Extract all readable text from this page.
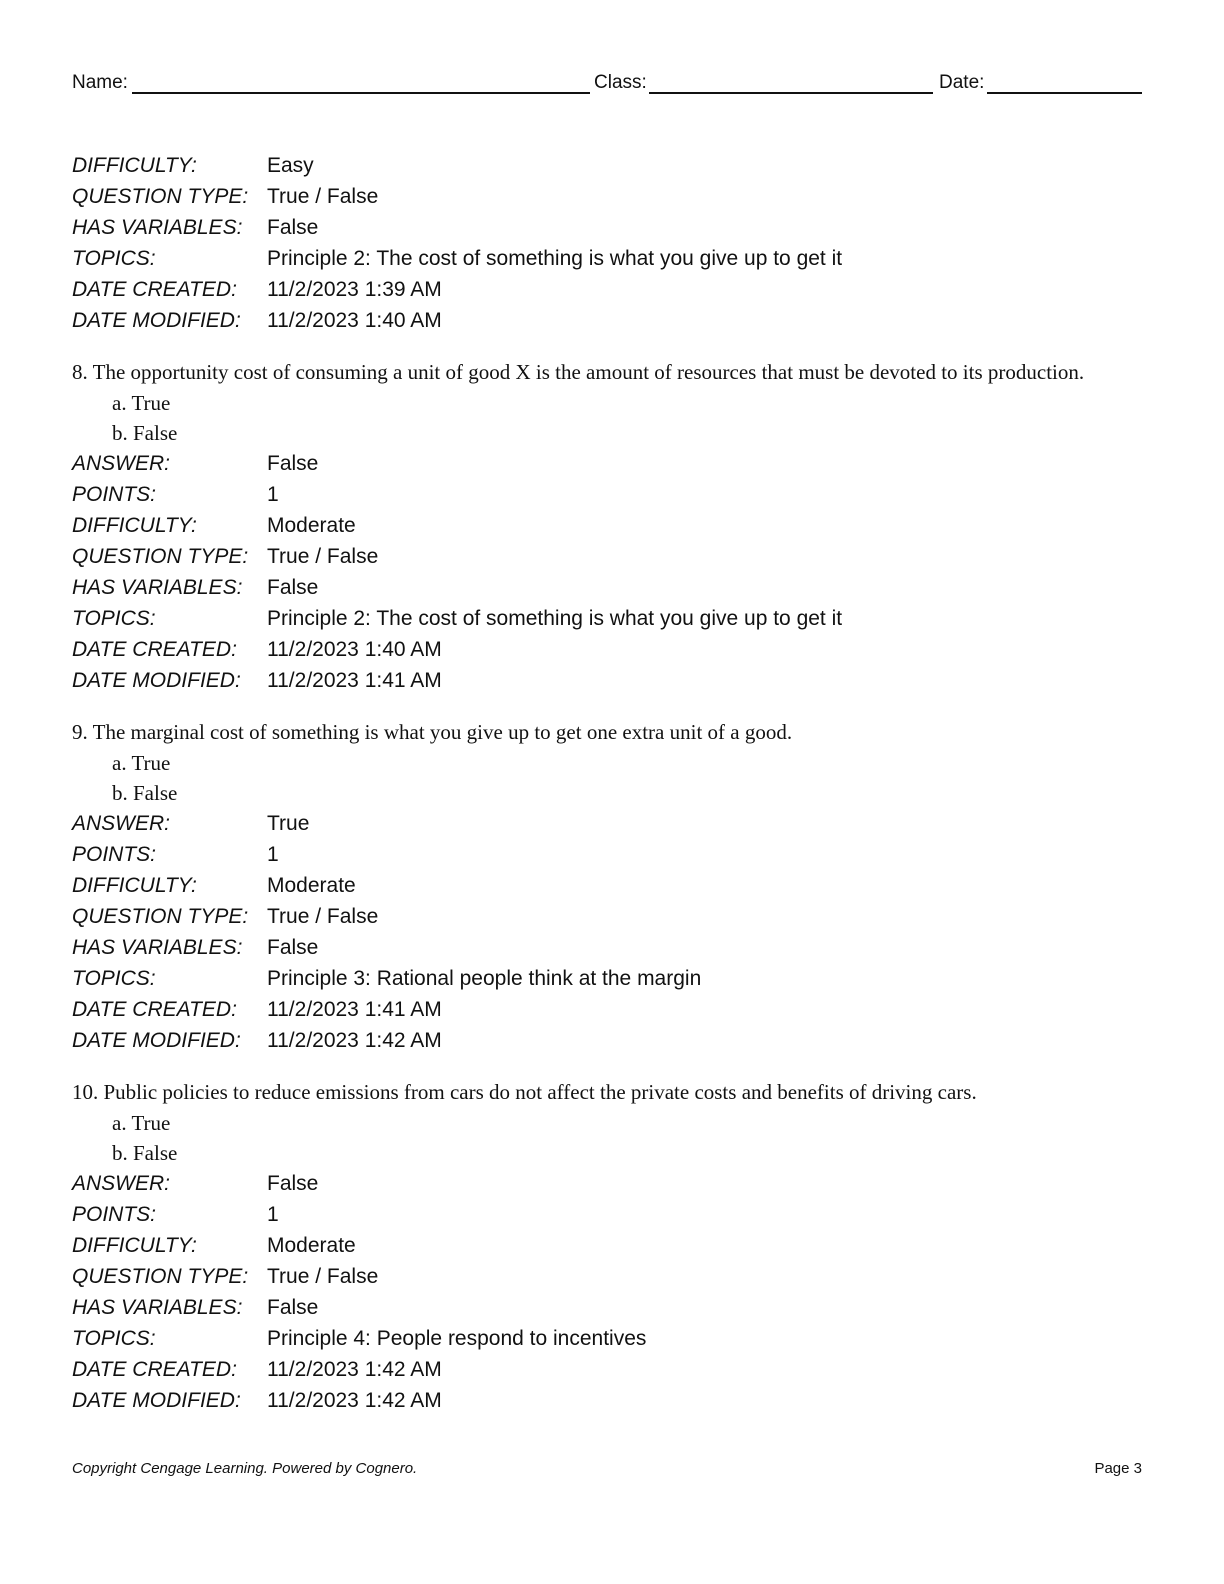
Name:	Class:	Date:
DIFFICULTY:	Easy
QUESTION TYPE: True / False
HAS VARIABLES: False
TOPICS:	Principle 2: The cost of something is what you give up to get it
DATE CREATED: 11/2/2023 1:39 AM
DATE MODIFIED: 11/2/2023 1:40 AM
8. The opportunity cost of consuming a unit of good X is the amount of resources that must be devoted to its production.
a. True
b. False
ANSWER:	False
POINTS:	1
DIFFICULTY:	Moderate
QUESTION TYPE: True / False
HAS VARIABLES: False
TOPICS:	Principle 2: The cost of something is what you give up to get it
DATE CREATED: 11/2/2023 1:40 AM
DATE MODIFIED: 11/2/2023 1:41 AM
9. The marginal cost of something is what you give up to get one extra unit of a good.
a. True
b. False
ANSWER:	True
POINTS:	1
DIFFICULTY:	Moderate
QUESTION TYPE: True / False
HAS VARIABLES: False
TOPICS:	Principle 3: Rational people think at the margin
DATE CREATED: 11/2/2023 1:41 AM
DATE MODIFIED: 11/2/2023 1:42 AM
10. Public policies to reduce emissions from cars do not affect the private costs and benefits of driving cars.
a. True
b. False
ANSWER:	False
POINTS:	1
DIFFICULTY:	Moderate
QUESTION TYPE: True / False
HAS VARIABLES: False
TOPICS:	Principle 4: People respond to incentives
DATE CREATED: 11/2/2023 1:42 AM
DATE MODIFIED: 11/2/2023 1:42 AM
Copyright Cengage Learning. Powered by Cognero.	Page 3
